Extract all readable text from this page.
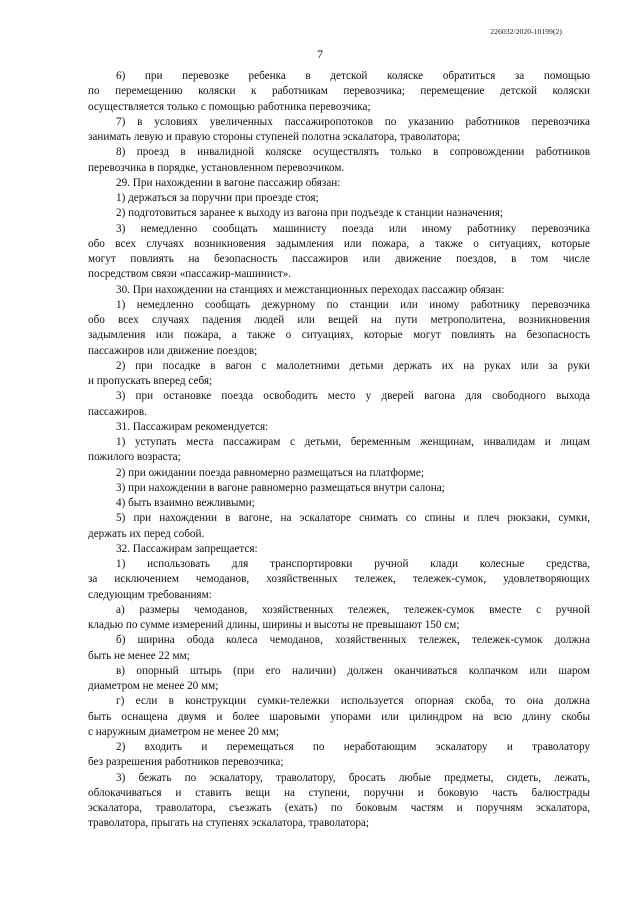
226032/2020-10199(2)
7
6) при перевозке ребенка в детской коляске обратиться за помощью
по перемещению коляски к работникам перевозчика; перемещение детской коляски
осуществляется только с помощью работника перевозчика;
7) в условиях увеличенных пассажиропотоков по указанию работников перевозчика
занимать левую и правую стороны ступеней полотна эскалатора, траволатора;
8) проезд в инвалидной коляске осуществлять только в сопровождении работников
перевозчика в порядке, установленном перевозчиком.
29. При нахождении в вагоне пассажир обязан:
1) держаться за поручни при проезде стоя;
2) подготовиться заранее к выходу из вагона при подъезде к станции назначения;
3) немедленно сообщать машинисту поезда или иному работнику перевозчика
обо всех случаях возникновения задымления или пожара, а также о ситуациях, которые
могут повлиять на безопасность пассажиров или движение поездов, в том числе
посредством связи «пассажир-машинист».
30. При нахождении на станциях и межстанционных переходах пассажир обязан:
1) немедленно сообщать дежурному по станции или иному работнику перевозчика
обо всех случаях падения людей или вещей на пути метрополитена, возникновения
задымления или пожара, а также о ситуациях, которые могут повлиять на безопасность
пассажиров или движение поездов;
2) при посадке в вагон с малолетними детьми держать их на руках или за руки
и пропускать вперед себя;
3) при остановке поезда освободить место у дверей вагона для свободного выхода
пассажиров.
31. Пассажирам рекомендуется:
1) уступать места пассажирам с детьми, беременным женщинам, инвалидам и лицам
пожилого возраста;
2) при ожидании поезда равномерно размещаться на платформе;
3) при нахождении в вагоне равномерно размещаться внутри салона;
4) быть взаимно вежливыми;
5) при нахождении в вагоне, на эскалаторе снимать со спины и плеч рюкзаки, сумки,
держать их перед собой.
32. Пассажирам запрещается:
1) использовать для транспортировки ручной клади колесные средства,
за исключением чемоданов, хозяйственных тележек, тележек-сумок, удовлетворяющих
следующим требованиям:
а) размеры чемоданов, хозяйственных тележек, тележек-сумок вместе с ручной
кладью по сумме измерений длины, ширины и высоты не превышают 150 см;
б) ширина обода колеса чемоданов, хозяйственных тележек, тележек-сумок должна
быть не менее 22 мм;
в) опорный штырь (при его наличии) должен оканчиваться колпачком или шаром
диаметром не менее 20 мм;
г) если в конструкции сумки-тележки используется опорная скоба, то она должна
быть оснащена двумя и более шаровыми упорами или цилиндром на всю длину скобы
с наружным диаметром не менее 20 мм;
2) входить и перемещаться по неработающим эскалатору и траволатору
без разрешения работников перевозчика;
3) бежать по эскалатору, траволатору, бросать любые предметы, сидеть, лежать,
облокачиваться и ставить вещи на ступени, поручни и боковую часть балюстрады
эскалатора, траволатора, съезжать (ехать) по боковым частям и поручням эскалатора,
траволатора, прыгать на ступенях эскалатора, траволатора;
